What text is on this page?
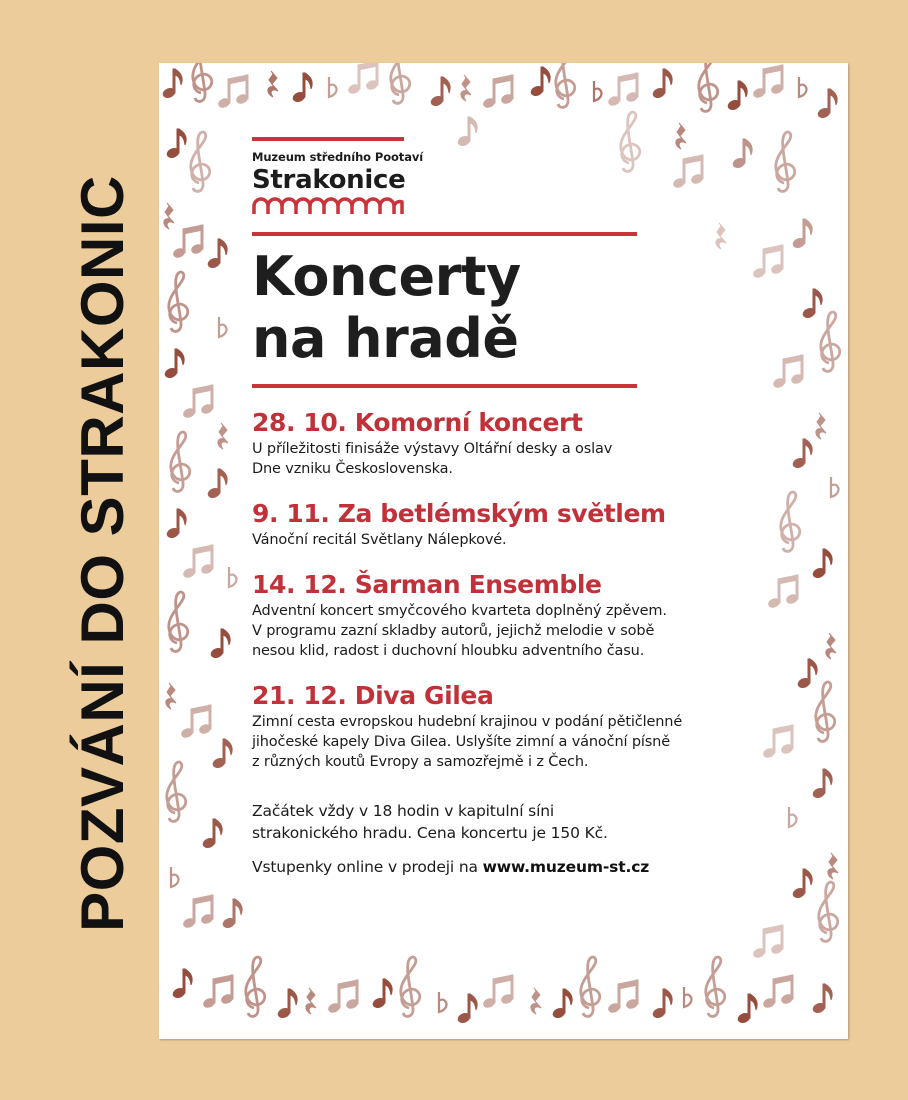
POZVÁNÍ DO STRAKONIC
Muzeum středního Pootaví
Strakonice
Koncerty
na hradě
28. 10. Komorní koncert
U příležitosti finisáže výstavy Oltářní desky a oslav
Dne vzniku Československa.
9. 11. Za betlémským světlem
Vánoční recitál Světlany Nálepkové.
14. 12. Šarman Ensemble
Adventní koncert smyčcového kvarteta doplněný zpěvem.
V programu zazní skladby autorů, jejichž melodie v sobě
nesou klid, radost i duchovní hloubku adventního času.
21. 12. Diva Gilea
Zimní cesta evropskou hudební krajinou v podání pětičlenné
jihočeské kapely Diva Gilea. Uslyšíte zimní a vánoční písně
z různých koutů Evropy a samozřejmě i z Čech.

Začátek vždy v 18 hodin v kapitulní síni

strakonického hradu. Cena koncertu je 150 Kč.

Vstupenky online v prodeji na www.muzeum-st.cz
